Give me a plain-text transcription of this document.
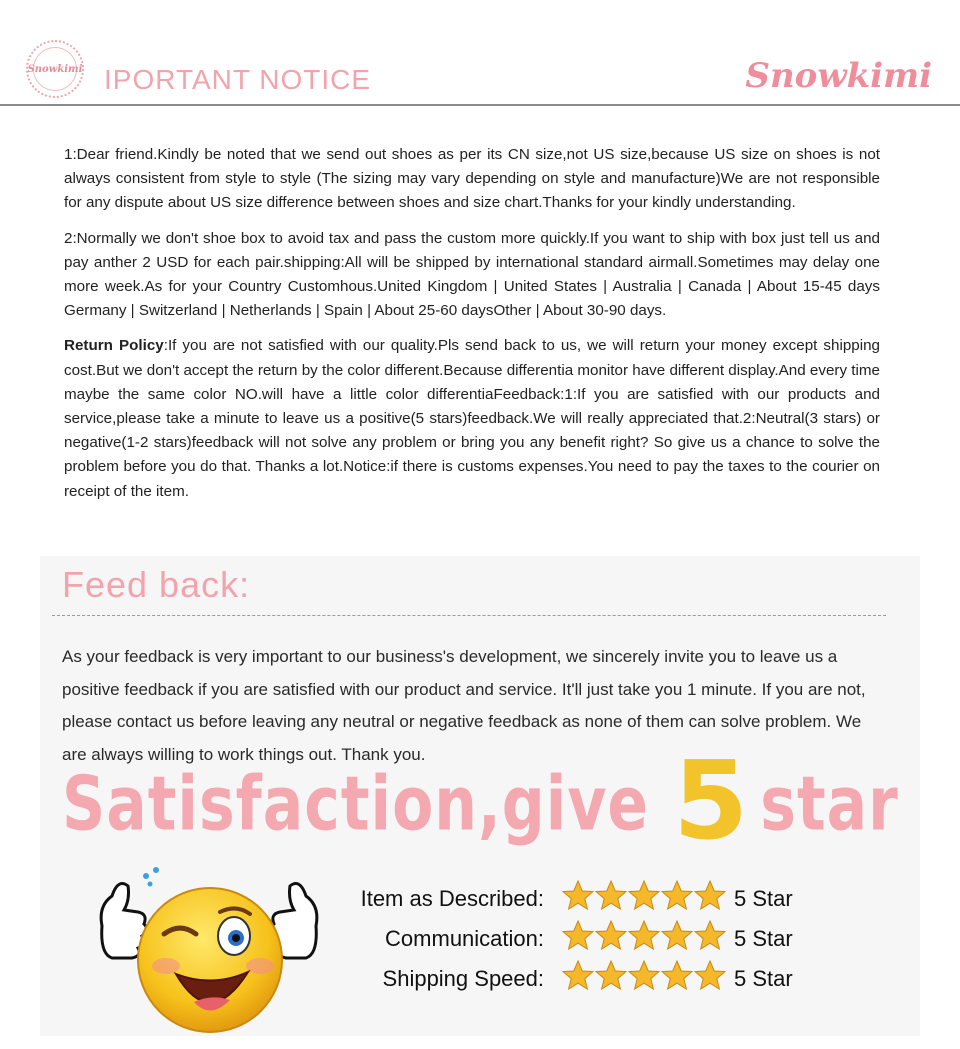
Snowkimi IPORTANT NOTICE	Snowkimi

1:Dear friend.Kindly be noted that we send out shoes as per its CN size,not US size,because US size on shoes is not always consistent from style to style (The sizing may vary depending on style and manufacture)We are not responsible for any dispute about US size difference between shoes and size chart.Thanks for your kindly understanding.

2:Normally we don't shoe box to avoid tax and pass the custom more quickly.If you want to ship with box just tell us and pay anther 2 USD for each pair.shipping:All will be shipped by international standard airmall.Sometimes may delay one more week.As for your Country Customhous.United Kingdom | United States | Australia | Canada | About 15-45 days Germany | Switzerland | Netherlands | Spain | About 25-60 daysOther | About 30-90 days.

Return Policy:If you are not satisfied with our quality.Pls send back to us, we will return your money except shipping cost.But we don't accept the return by the color different.Because differentia monitor have different display.And every time maybe the same color NO.will have a little color differentiaFeedback:1:If you are satisfied with our products and service,please take a minute to leave us a positive(5 stars)feedback.We will really appreciated that.2:Neutral(3 stars) or negative(1-2 stars)feedback will not solve any problem or bring you any benefit right? So give us a chance to solve the problem before you do that. Thanks a lot.Notice:if there is customs expenses.You need to pay the taxes to the courier on receipt of the item.

Feed back:
As your feedback is very important to our business's development, we sincerely invite you to leave us a positive feedback if you are satisfied with our product and service. It'll just take you 1 minute. If you are not, please contact us before leaving any neutral or negative feedback as none of them can solve problem. We are always willing to work things out. Thank you.
Satisfaction,give 5 star
Item as Described:	5 Star
Communication:	5 Star
Shipping Speed:	5 Star
